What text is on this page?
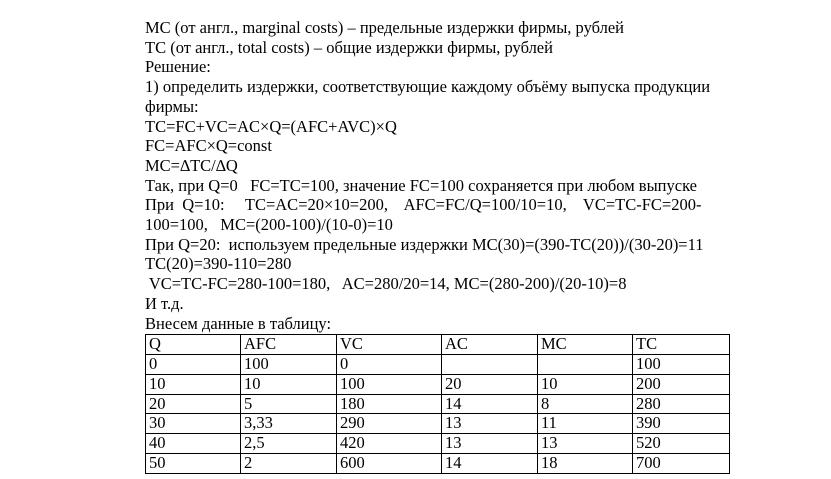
MC (от англ., marginal costs) – предельные издержки фирмы, рублей
TC (от англ., total costs) – общие издержки фирмы, рублей
Решение:
1) определить издержки, соответствующие каждому объёму выпуска продукции
фирмы:
TC=FC+VC=AC×Q=(AFC+AVC)×Q
FC=AFC×Q=const
MC=∆TC/∆Q
Так, при Q=0   FC=TC=100, значение FC=100 сохраняется при любом выпуске
При  Q=10:     TC=AC=20×10=200,    AFC=FC/Q=100/10=10,    VC=TC-FC=200-
100=100,   MC=(200-100)/(10-0)=10
При Q=20:  используем предельные издержки MC(30)=(390-TC(20))/(30-20)=11
TC(20)=390-110=280
VC=TC-FC=280-100=180,   AC=280/20=14, MC=(280-200)/(20-10)=8
И т.д.
Внесем данные в таблицу:
Q	AFC	VC	AC	MC	TC
0	100	0			100
10	10	100	20	10	200
20	5	180	14	8	280
30	3,33	290	13	11	390
40	2,5	420	13	13	520
50	2	600	14	18	700
